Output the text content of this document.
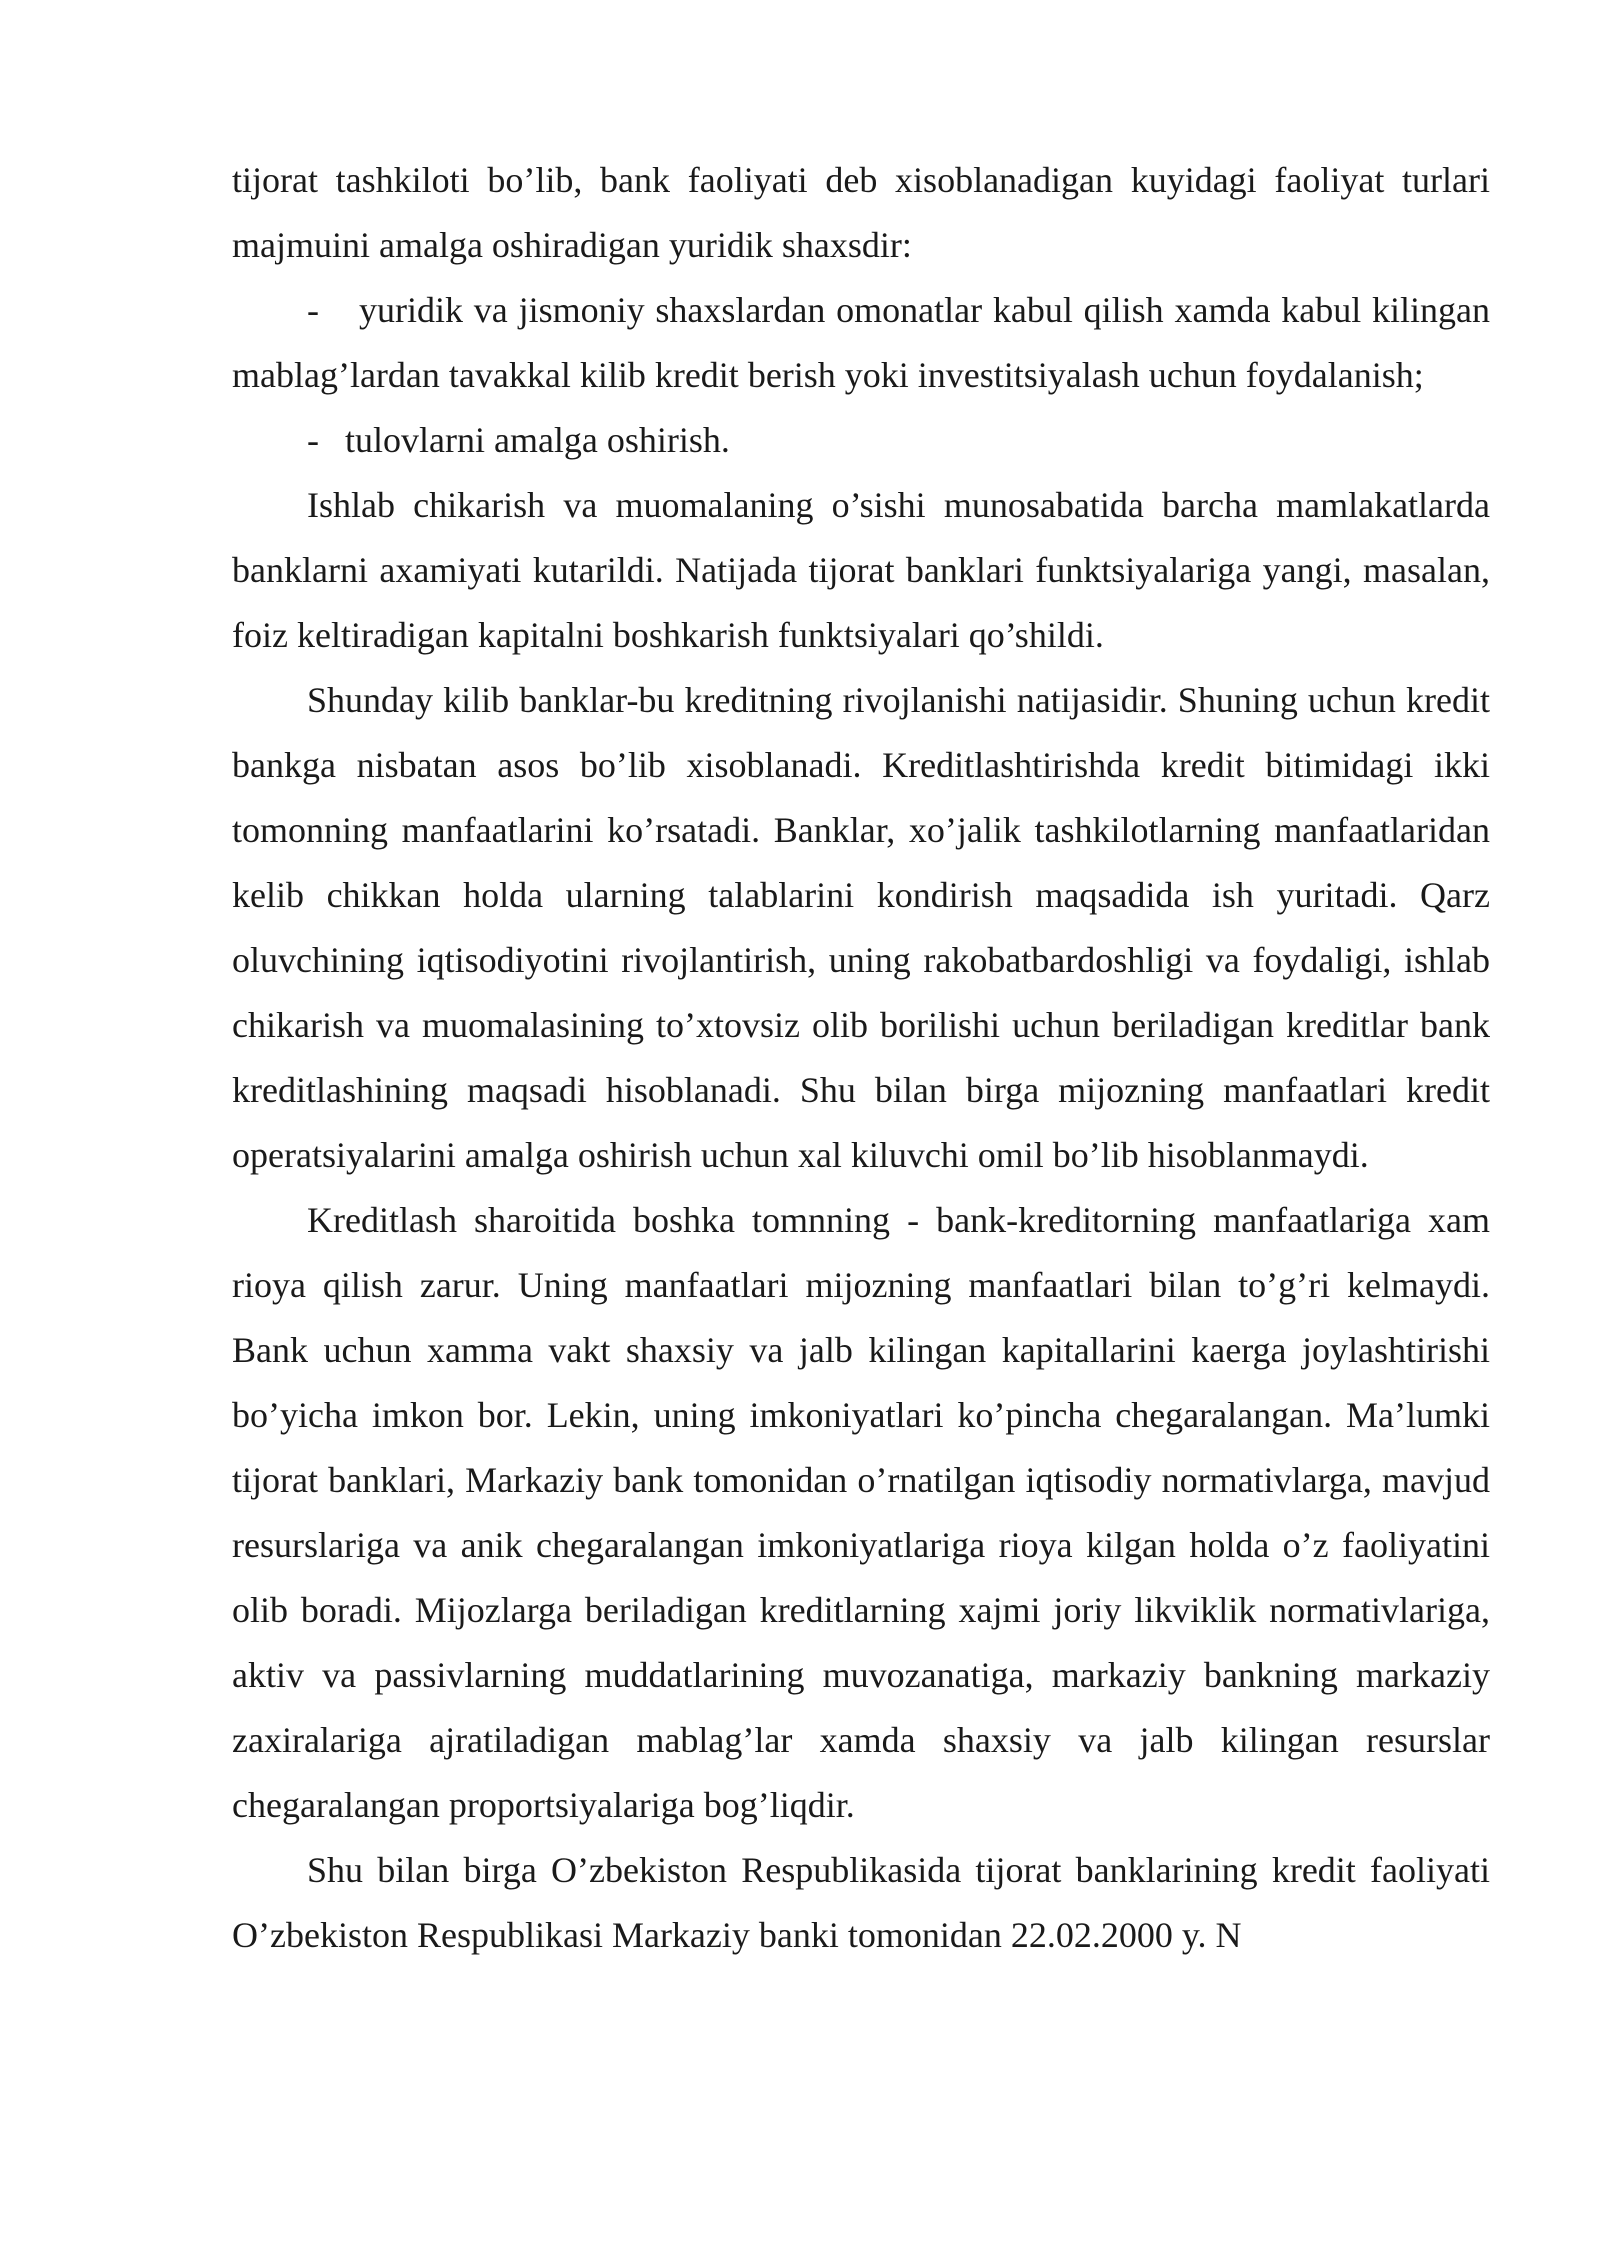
tijorat tashkiloti bo’lib, bank faoliyati deb xisoblanadigan kuyidagi faoliyat turlari majmuini amalga oshiradigan yuridik shaxsdir:

- yuridik va jismoniy shaxslardan omonatlar kabul qilish xamda kabul kilingan mablag’lardan tavakkal kilib kredit berish yoki investitsiyalash uchun foydalanish;

- tulovlarni amalga oshirish.

Ishlab chikarish va muomalaning o’sishi munosabatida barcha mamlakatlarda banklarni axamiyati kutarildi. Natijada tijorat banklari funktsiyalariga yangi, masalan, foiz keltiradigan kapitalni boshkarish funktsiyalari qo’shildi.

Shunday kilib banklar-bu kreditning rivojlanishi natijasidir. Shuning uchun kredit bankga nisbatan asos bo’lib xisoblanadi. Kreditlashtirishda kredit bitimidagi ikki tomonning manfaatlarini ko’rsatadi. Banklar, xo’jalik tashkilotlarning manfaatlaridan kelib chikkan holda ularning talablarini kondirish maqsadida ish yuritadi. Qarz oluvchining iqtisodiyotini rivojlantirish, uning rakobatbardoshligi va foydaligi, ishlab chikarish va muomalasining to’xtovsiz olib borilishi uchun beriladigan kreditlar bank kreditlashining maqsadi hisoblanadi. Shu bilan birga mijozning manfaatlari kredit operatsiyalarini amalga oshirish uchun xal kiluvchi omil bo’lib hisoblanmaydi.

Kreditlash sharoitida boshka tomnning - bank-kreditorning manfaatlariga xam rioya qilish zarur. Uning manfaatlari mijozning manfaatlari bilan to’g’ri kelmaydi. Bank uchun xamma vakt shaxsiy va jalb kilingan kapitallarini kaerga joylashtirishi bo’yicha imkon bor. Lekin, uning imkoniyatlari ko’pincha chegaralangan. Ma’lumki tijorat banklari, Markaziy bank tomonidan o’rnatilgan iqtisodiy normativlarga, mavjud resurslariga va anik chegaralangan imkoniyatlariga rioya kilgan holda o’z faoliyatini olib boradi. Mijozlarga beriladigan kreditlarning xajmi joriy likviklik normativlariga, aktiv va passivlarning muddatlarining muvozanatiga, markaziy bankning markaziy zaxiralariga ajratiladigan mablag’lar xamda shaxsiy va jalb kilingan resurslar chegaralangan proportsiyalariga bog’liqdir.

Shu bilan birga O’zbekiston Respublikasida tijorat banklarining kredit faoliyati O’zbekiston Respublikasi Markaziy banki tomonidan 22.02.2000 y. N
